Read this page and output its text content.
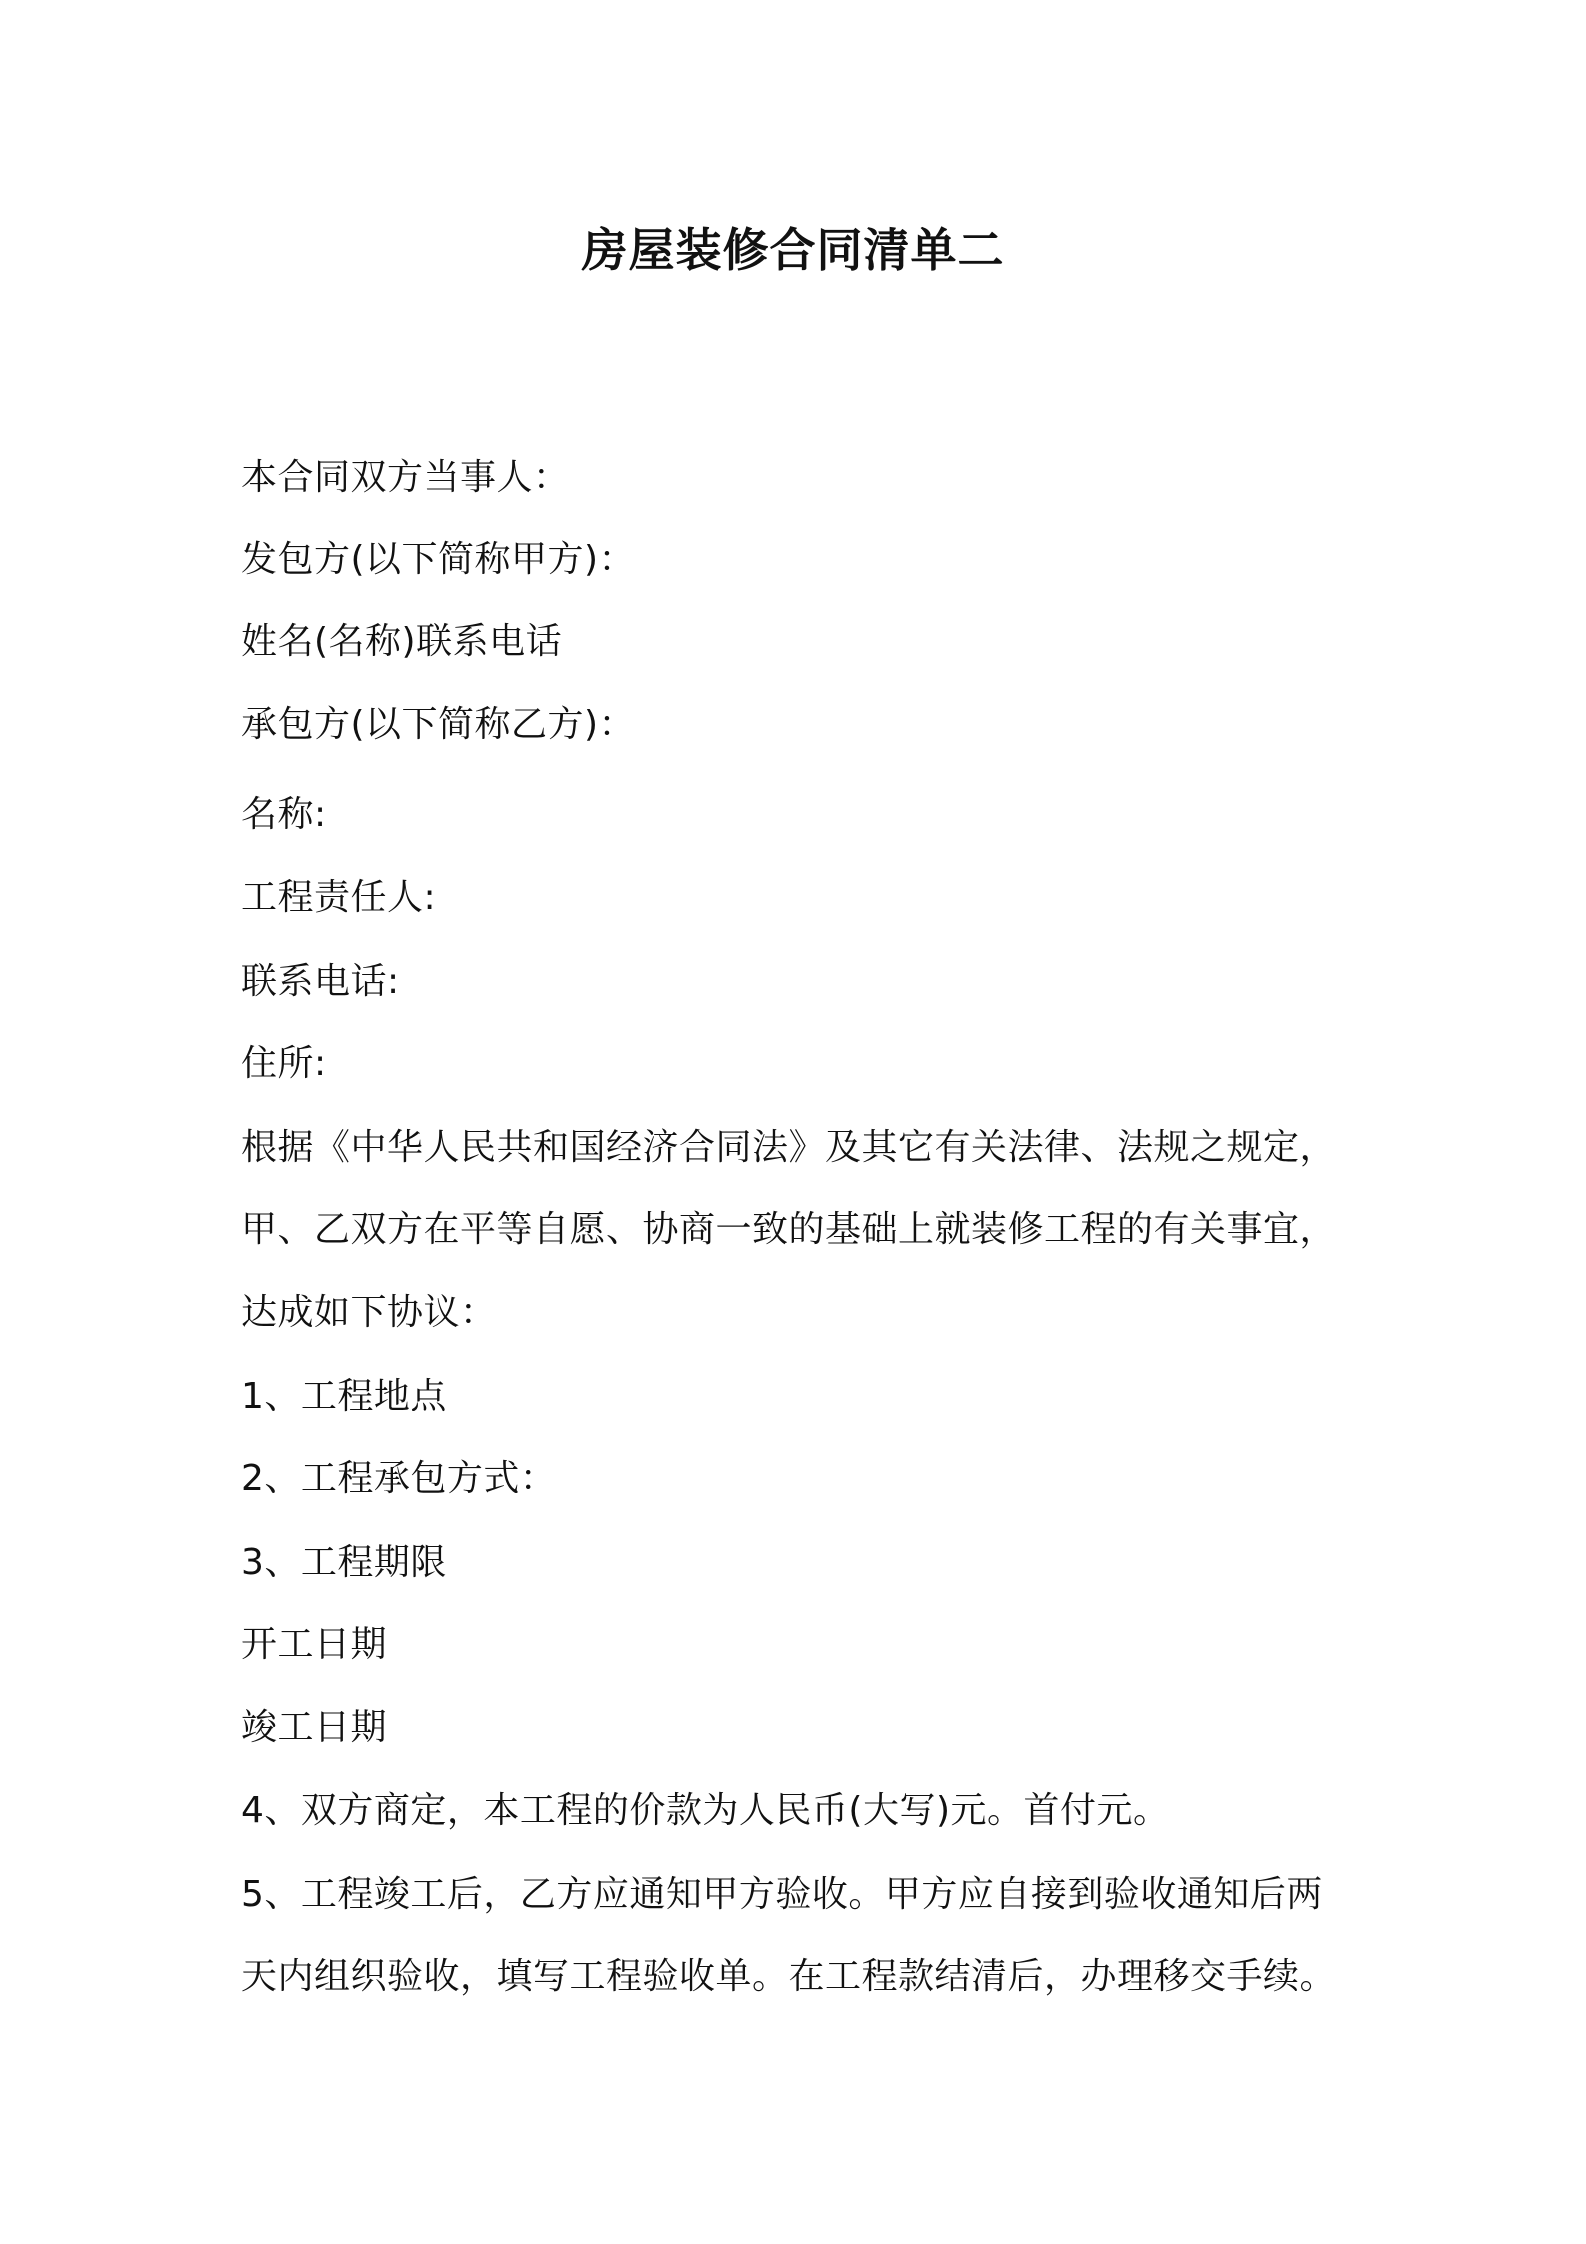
房屋装修合同清单二
本合同双方当事人：
发包方(以下简称甲方)：
姓名(名称)联系电话
承包方(以下简称乙方)：
名称:
工程责任人:
联系电话:
住所:
根据《中华人民共和国经济合同法》及其它有关法律、法规之规定，
甲、乙双方在平等自愿、协商一致的基础上就装修工程的有关事宜，
达成如下协议：
1、工程地点
2、工程承包方式：
3、工程期限
开工日期
竣工日期
4、双方商定，本工程的价款为人民币(大写)元。首付元。
5、工程竣工后，乙方应通知甲方验收。甲方应自接到验收通知后两
天内组织验收，填写工程验收单。在工程款结清后，办理移交手续。
